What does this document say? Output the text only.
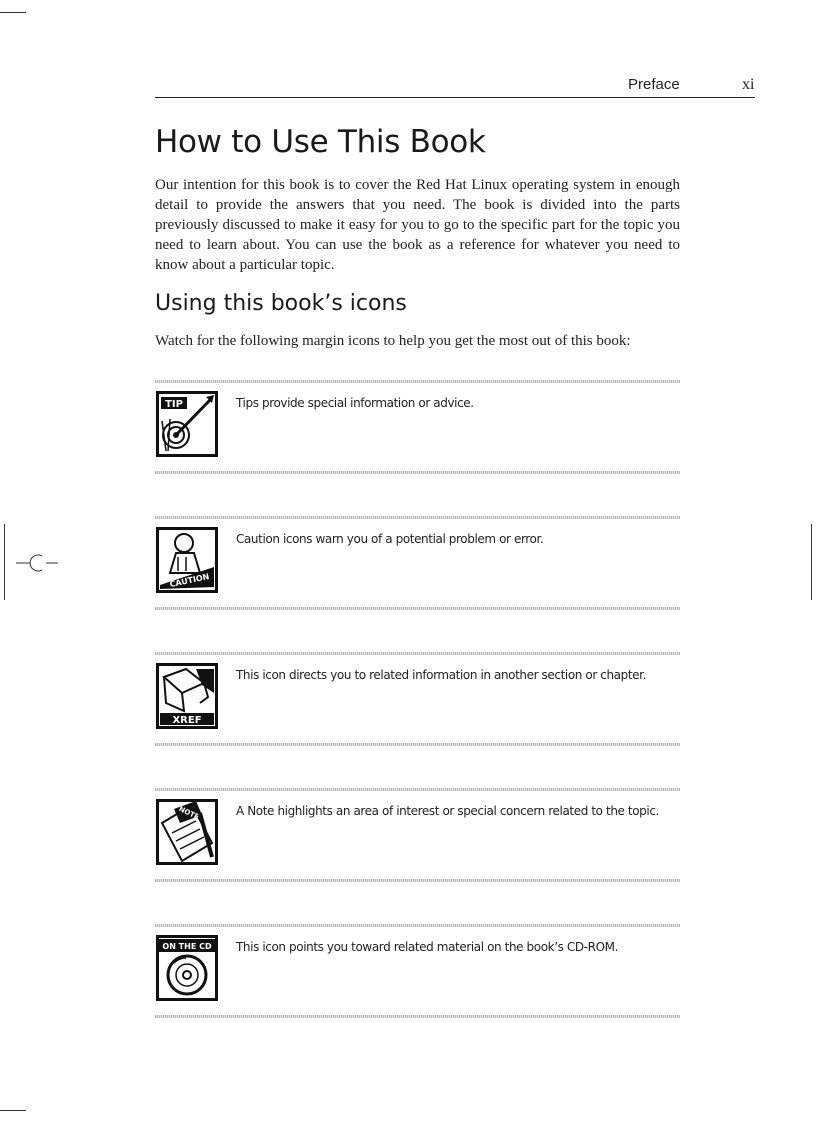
Preface	xi
How to Use This Book

Our intention for this book is to cover the Red Hat Linux operating system in enough detail to provide the answers that you need. The book is divided into the parts previously discussed to make it easy for you to go to the specific part for the topic you need to learn about. You can use the book as a reference for whatever you need to know about a particular topic.

Using this book’s icons

Watch for the following margin icons to help you get the most out of this book:

TIP	Tips provide special information or advice.
CAUTION
Caution icons warn you of a potential problem or error.
XREF
This icon directs you to related information in another section or chapter.
NOTE	A Note highlights an area of interest or special concern related to the topic.
ON THE CD This icon points you toward related material on the book’s CD-ROM.
